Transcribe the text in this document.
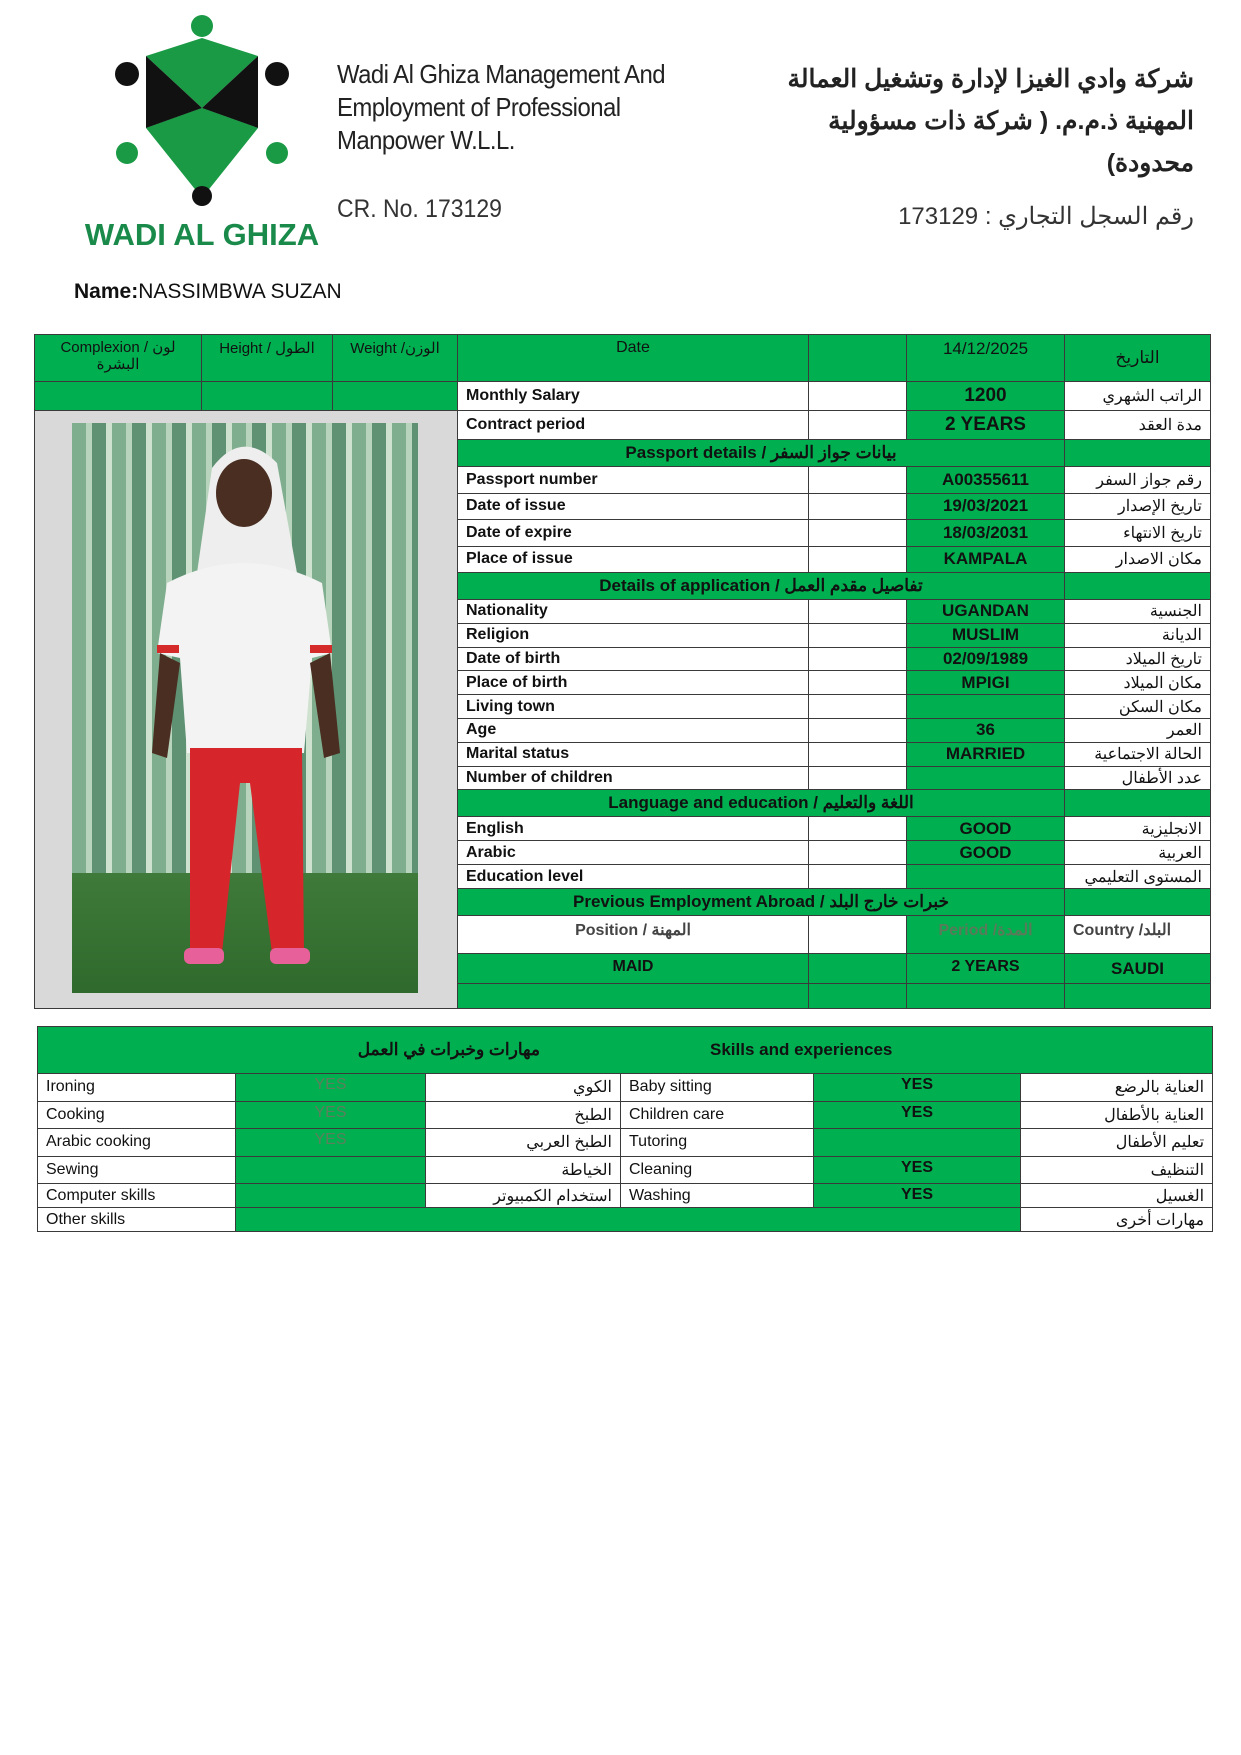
WADI AL GHIZA
Wadi Al Ghiza Management And
Employment of Professional
Manpower W.L.L.
CR. No. 173129
شركة وادي الغيزا لإدارة وتشغيل العمالة
المهنية ذ.م.م. ( شركة ذات مسؤولية
محدودة)
رقم السجل التجاري : 173129
Name:NASSIMBWA SUZAN
Complexion / لون البشرة	Height / الطول	Weight /الوزن	Date		14/12/2025	التاريخ
			Monthly Salary		1200	الراتب الشهري

	Contract period		2 YEARS	مدة العقد
			Passport details / بيانات جواز السفر			
			Passport number		A00355611	رقم جواز السفر
			Date of issue		19/03/2021	تاريخ الإصدار
			Date of expire		18/03/2031	تاريخ الانتهاء
			Place of issue		KAMPALA	مكان الاصدار
			Details of application / تفاصيل مقدم العمل			
			Nationality		UGANDAN	الجنسية
			Religion		MUSLIM	الديانة
			Date of birth		02/09/1989	تاريخ الميلاد
			Place of birth		MPIGI	مكان الميلاد
			Living town			مكان السكن
			Age		36	العمر
			Marital status		MARRIED	الحالة الاجتماعية
			Number of children			عدد الأطفال
			Language and education / اللغة والتعليم			
			English		GOOD	الانجليزية
			Arabic		GOOD	العربية
			Education level			المستوى التعليمي
			Previous Employment Abroad / خبرات خارج البلد			
			Position / المهنة		Period /المدة	Country /البلد
			MAID		2 YEARS	SAUDI

مهارات وخبرات في العمل Skills and experiences					

Ironing	YES	الكوي	Baby sitting	YES	العناية بالرضع
Cooking	YES	الطبخ	Children care	YES	العناية بالأطفال
Arabic cooking	YES	الطبخ العربي	Tutoring		تعليم الأطفال
Sewing		الخياطة	Cleaning	YES	التنظيف
Computer skills		استخدام الكمبيوتر	Washing	YES	الغسيل
Other skills					مهارات أخرى
